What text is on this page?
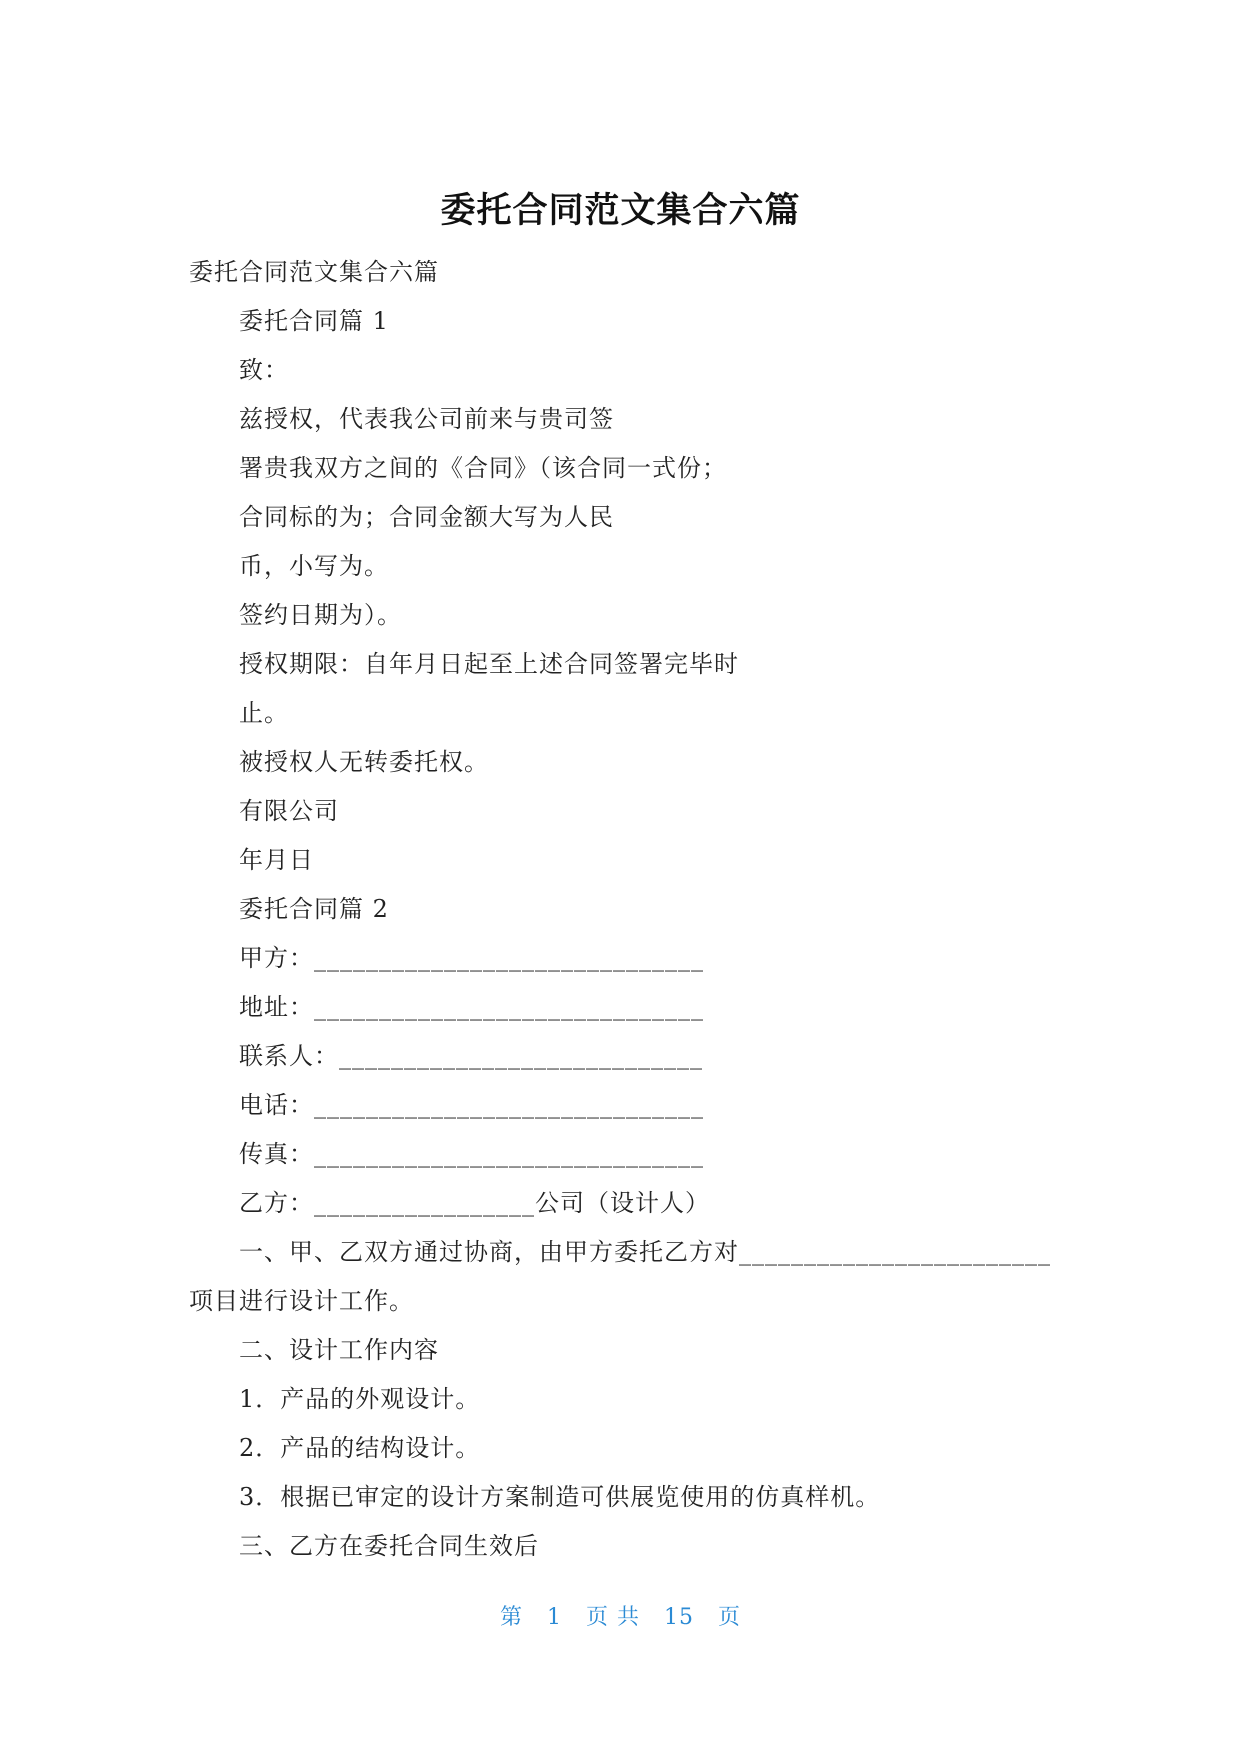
委托合同范文集合六篇
委托合同范文集合六篇
委托合同篇 1
致：
兹授权，代表我公司前来与贵司签
署贵我双方之间的《合同》（该合同一式份；
合同标的为；合同金额大写为人民
币，小写为。
签约日期为）。
授权期限：自年月日起至上述合同签署完毕时
止。
被授权人无转委托权。
有限公司
年月日
委托合同篇 2
甲方：______________________________
地址：______________________________
联系人：____________________________
电话：______________________________
传真：______________________________
乙方：_________________公司（设计人）
一、甲、乙双方通过协商，由甲方委托乙方对________________________
项目进行设计工作。
二、设计工作内容
1．产品的外观设计。
2．产品的结构设计。
3．根据已审定的设计方案制造可供展览使用的仿真样机。
三、乙方在委托合同生效后
第 1 页 共 15 页
